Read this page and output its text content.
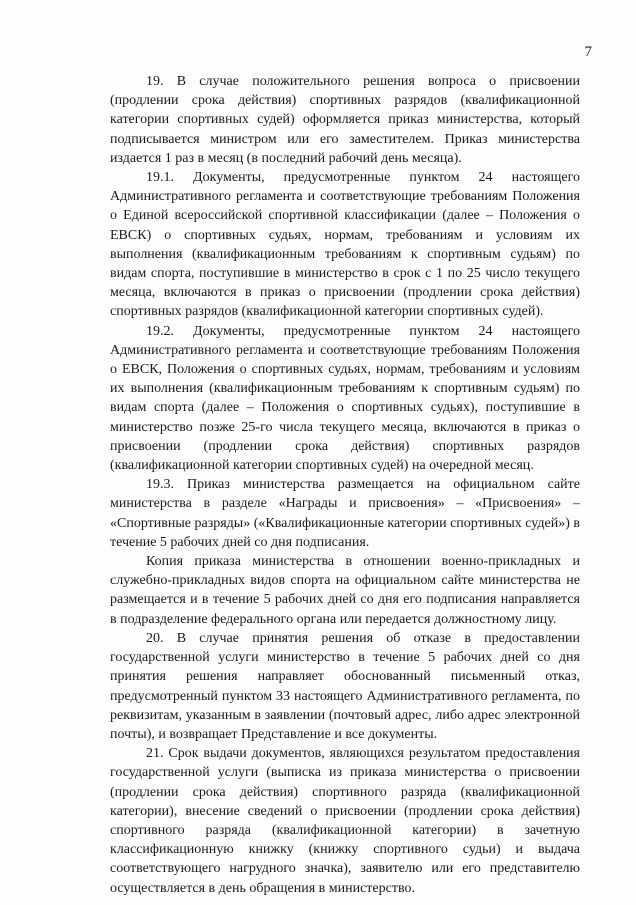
7

19. В случае положительного решения вопроса о присвоении (продлении срока действия) спортивных разрядов (квалификационной категории спортивных судей) оформляется приказ министерства, который подписывается министром или его заместителем. Приказ министерства издается 1 раз в месяц (в последний рабочий день месяца).

19.1. Документы, предусмотренные пунктом 24 настоящего Административного регламента и соответствующие требованиям Положения о Единой всероссийской спортивной классификации (далее – Положения о ЕВСК) о спортивных судьях, нормам, требованиям и условиям их выполнения (квалификационным требованиям к спортивным судьям) по видам спорта, поступившие в министерство в срок с 1 по 25 число текущего месяца, включаются в приказ о присвоении (продлении срока действия) спортивных разрядов (квалификационной категории спортивных судей).

19.2. Документы, предусмотренные пунктом 24 настоящего Административного регламента и соответствующие требованиям Положения о ЕВСК, Положения о спортивных судьях, нормам, требованиям и условиям их выполнения (квалификационным требованиям к спортивным судьям) по видам спорта (далее – Положения о спортивных судьях), поступившие в министерство позже 25-го числа текущего месяца, включаются в приказ о присвоении (продлении срока действия) спортивных разрядов (квалификационной категории спортивных судей) на очередной месяц.

19.3. Приказ министерства размещается на официальном сайте министерства в разделе «Награды и присвоения» – «Присвоения» – «Спортивные разряды» («Квалификационные категории спортивных судей») в течение 5 рабочих дней со дня подписания.

Копия приказа министерства в отношении военно-прикладных и служебно-прикладных видов спорта на официальном сайте министерства не размещается и в течение 5 рабочих дней со дня его подписания направляется в подразделение федерального органа или передается должностному лицу.

20. В случае принятия решения об отказе в предоставлении государственной услуги министерство в течение 5 рабочих дней со дня принятия решения направляет обоснованный письменный отказ, предусмотренный пунктом 33 настоящего Административного регламента, по реквизитам, указанным в заявлении (почтовый адрес, либо адрес электронной почты), и возвращает Представление и все документы.

21. Срок выдачи документов, являющихся результатом предоставления государственной услуги (выписка из приказа министерства о присвоении (продлении срока действия) спортивного разряда (квалификационной категории), внесение сведений о присвоении (продлении срока действия) спортивного разряда (квалификационной категории) в зачетную классификационную книжку (книжку спортивного судьи) и выдача соответствующего нагрудного значка), заявителю или его представителю осуществляется в день обращения в министерство.
